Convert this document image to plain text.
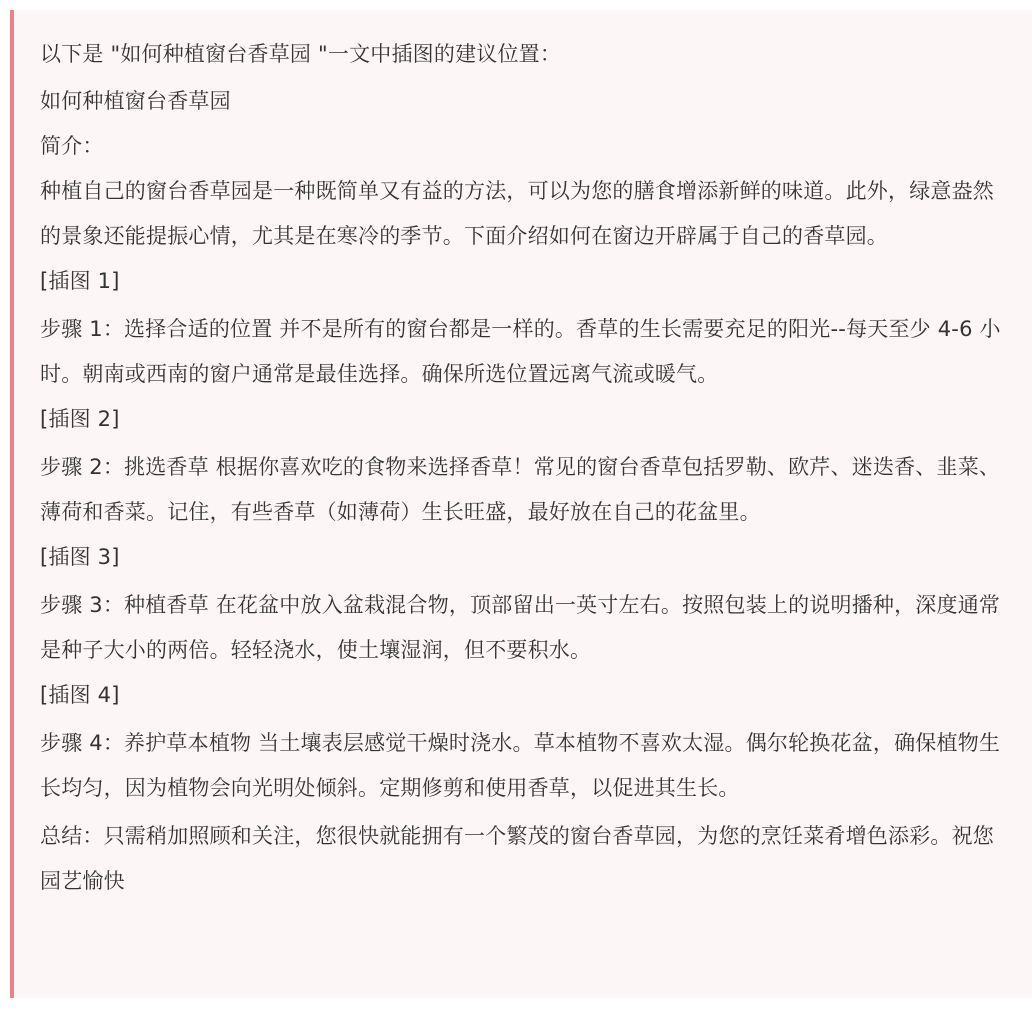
以下是 "如何种植窗台香草园 "一文中插图的建议位置：

如何种植窗台香草园

简介：

种植自己的窗台香草园是一种既简单又有益的方法，可以为您的膳食增添新鲜的味道。此外，绿意盎然的景象还能提振心情，尤其是在寒冷的季节。下面介绍如何在窗边开辟属于自己的香草园。

[插图 1]

步骤 1：选择合适的位置 并不是所有的窗台都是一样的。香草的生长需要充足的阳光--每天至少 4-6 小时。朝南或西南的窗户通常是最佳选择。确保所选位置远离气流或暖气。

[插图 2]

步骤 2：挑选香草 根据你喜欢吃的食物来选择香草！常见的窗台香草包括罗勒、欧芹、迷迭香、韭菜、薄荷和香菜。记住，有些香草（如薄荷）生长旺盛，最好放在自己的花盆里。

[插图 3]

步骤 3：种植香草 在花盆中放入盆栽混合物，顶部留出一英寸左右。按照包装上的说明播种，深度通常是种子大小的两倍。轻轻浇水，使土壤湿润，但不要积水。

[插图 4]

步骤 4：养护草本植物 当土壤表层感觉干燥时浇水。草本植物不喜欢太湿。偶尔轮换花盆，确保植物生长均匀，因为植物会向光明处倾斜。定期修剪和使用香草，以促进其生长。

总结：只需稍加照顾和关注，您很快就能拥有一个繁茂的窗台香草园，为您的烹饪菜肴增色添彩。祝您园艺愉快
